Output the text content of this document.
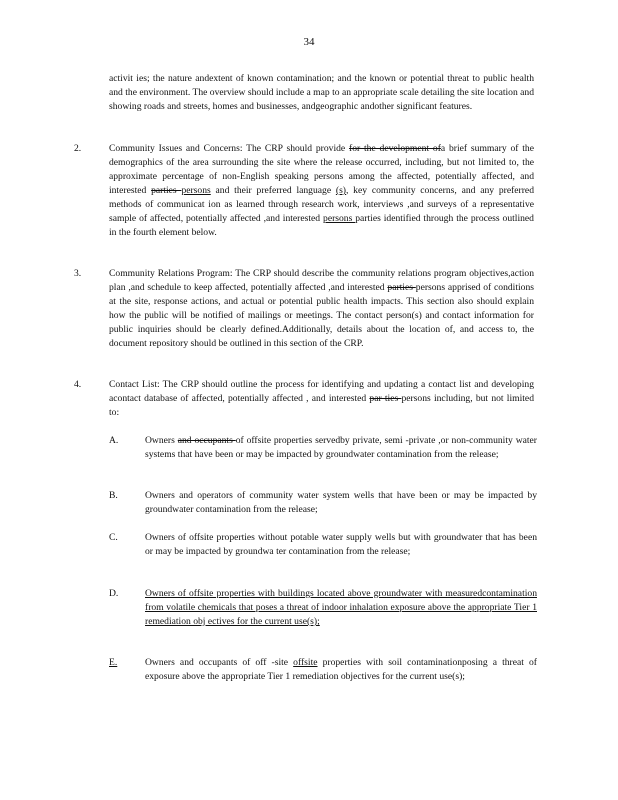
34
activit ies; the nature andextent of known contamination; and the known or potential threat to public health and the environment. The overview should include a map to an appropriate scale detailing the site location and showing roads and streets, homes and businesses, andgeographic andother significant features.
2.	Community Issues and Concerns: The CRP should provide for the development ofa brief summary of the demographics of the area surrounding the site where the release occurred, including, but not limited to, the approximate percentage of non-English speaking persons among the affected, potentially affected, and interested parties persons and their preferred language (s), key community concerns, and any preferred methods of communicat ion as learned through research work, interviews ,and surveys of a representative sample of affected, potentially affected ,and interested persons parties identified through the process outlined in the fourth element below.
3.	Community Relations Program: The CRP should describe the community relations program objectives,action plan ,and schedule to keep affected, potentially affected ,and interested parties persons apprised of conditions at the site, response actions, and actual or potential public health impacts. This section also should explain how the public will be notified of mailings or meetings. The contact person(s) and contact information for public inquiries should be clearly defined.Additionally, details about the location of, and access to, the document repository should be outlined in this section of the CRP.
4.	Contact List: The CRP should outline the process for identifying and updating a contact list and developing acontact database of affected, potentially affected , and interested par ties persons including, but not limited to:
A.	Owners and occupants of offsite properties servedby private, semi -private ,or non-community water systems that have been or may be impacted by groundwater contamination from the release;
B.	Owners and operators of community water system wells that have been or may be impacted by groundwater contamination from the release;
C.	Owners of offsite properties without potable water supply wells but with groundwater that has been or may be impacted by groundwa ter contamination from the release;
D.	Owners of offsite properties with buildings located above groundwater with measuredcontamination from volatile chemicals that poses a threat of indoor inhalation exposure above the appropriate Tier 1 remediation obj ectives for the current use(s);
E.	Owners and occupants of off -site offsite properties with soil contaminationposing a threat of exposure above the appropriate Tier 1 remediation objectives for the current use(s);
